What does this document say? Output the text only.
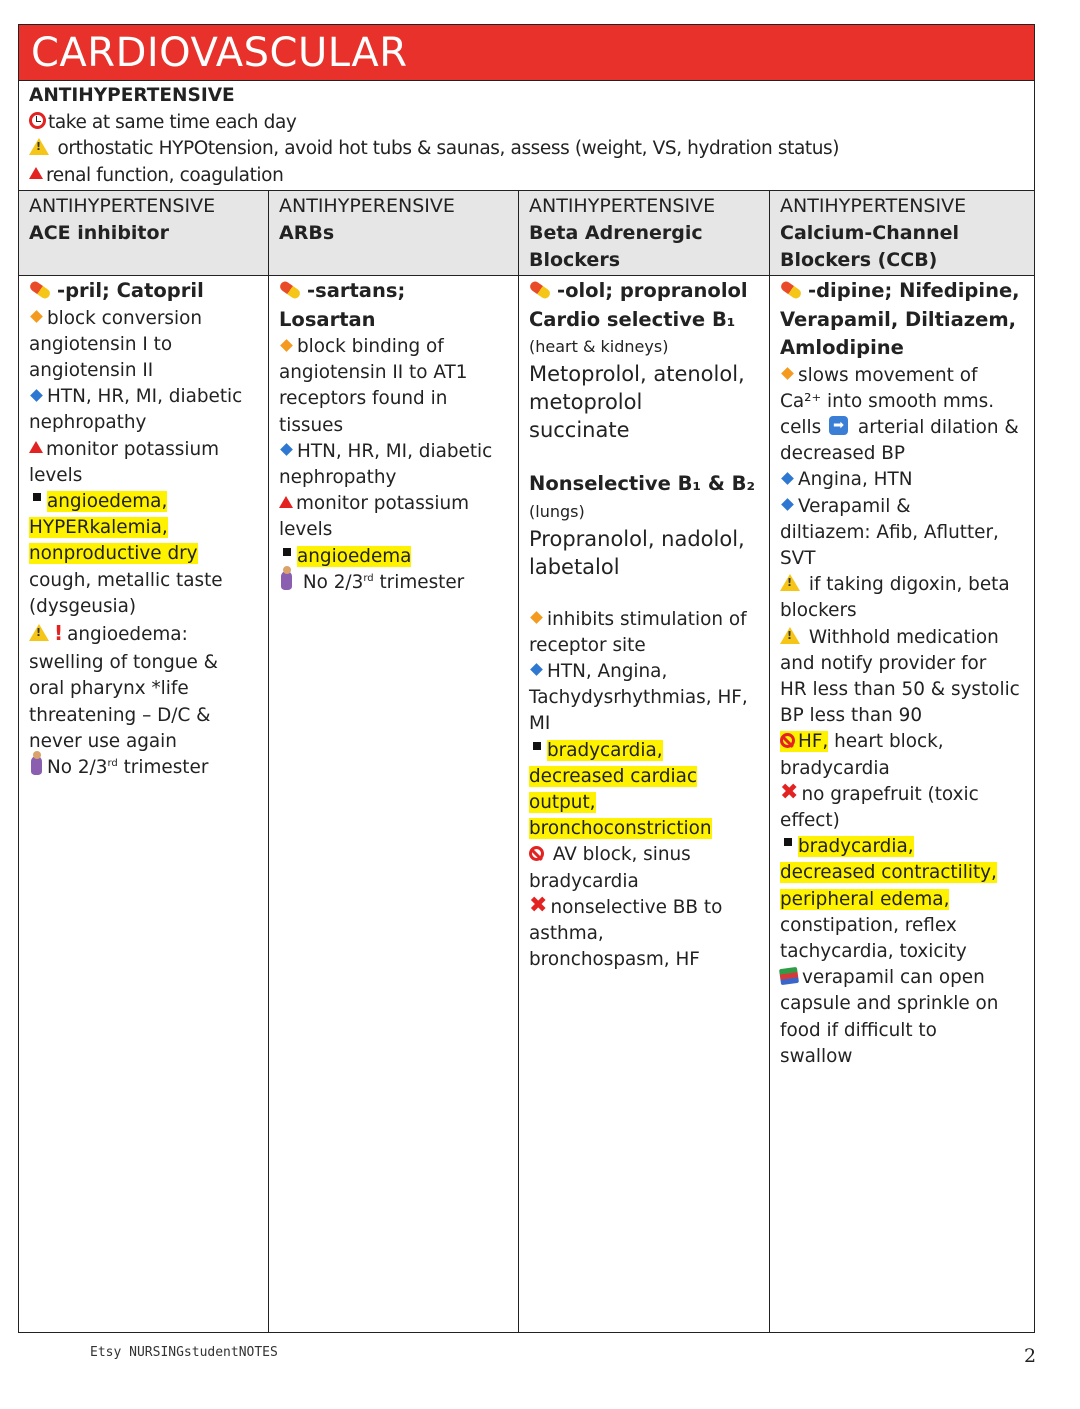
CARDIOVASCULAR
ANTIHYPERTENSIVE
take at same time each day
! orthostatic HYPOtension, avoid hot tubs & saunas, assess (weight, VS, hydration status)
renal function, coagulation
ANTIHYPERTENSIVE
ACE inhibitor
-pril; Catopril
block conversion
angiotensin I to
angiotensin II
HTN, HR, MI, diabetic
nephropathy
monitor potassium
levels
angioedema,
HYPERkalemia,
nonproductive dry
cough, metallic taste
(dysgeusia)
!! angioedema:
swelling of tongue &
oral pharynx *life
threatening – D/C &
never use again
No 2/3rd trimester
ANTIHYPERENSIVE
ARBs
-sartans; Losartan
block binding of
angiotensin II to AT1
receptors found in
tissues
HTN, HR, MI, diabetic
nephropathy
monitor potassium
levels
angioedema
No 2/3rd trimester
ANTIHYPERTENSIVE
Beta Adrenergic
Blockers
-olol; propranolol
Cardio selective B₁
(heart & kidneys)
Metoprolol, atenolol,
metoprolol
succinate
Nonselective B₁ & B₂
(lungs)
Propranolol, nadolol,
labetalol
inhibits stimulation of
receptor site
HTN, Angina,
Tachydysrhythmias, HF,
MI
bradycardia,
decreased cardiac
output,
bronchoconstriction
AV block, sinus
bradycardia
✖ nonselective BB to
asthma,
bronchospasm, HF
ANTIHYPERTENSIVE
Calcium-Channel
Blockers (CCB)
-dipine; Nifedipine,
Verapamil, Diltiazem,
Amlodipine
slows movement of
Ca²⁺ into smooth mms.
cells ➡ arterial dilation &
decreased BP
Angina, HTN
Verapamil &
diltiazem: Afib, Aflutter,
SVT
! if taking digoxin, beta
blockers
! Withhold medication
and notify provider for
HR less than 50 & systolic
BP less than 90
HF, heart block,
bradycardia
✖ no grapefruit (toxic
effect)
bradycardia,
decreased contractility,
peripheral edema,
constipation, reflex
tachycardia, toxicity
verapamil can open
capsule and sprinkle on
food if difficult to
swallow
Etsy NURSINGstudentNOTES	2
